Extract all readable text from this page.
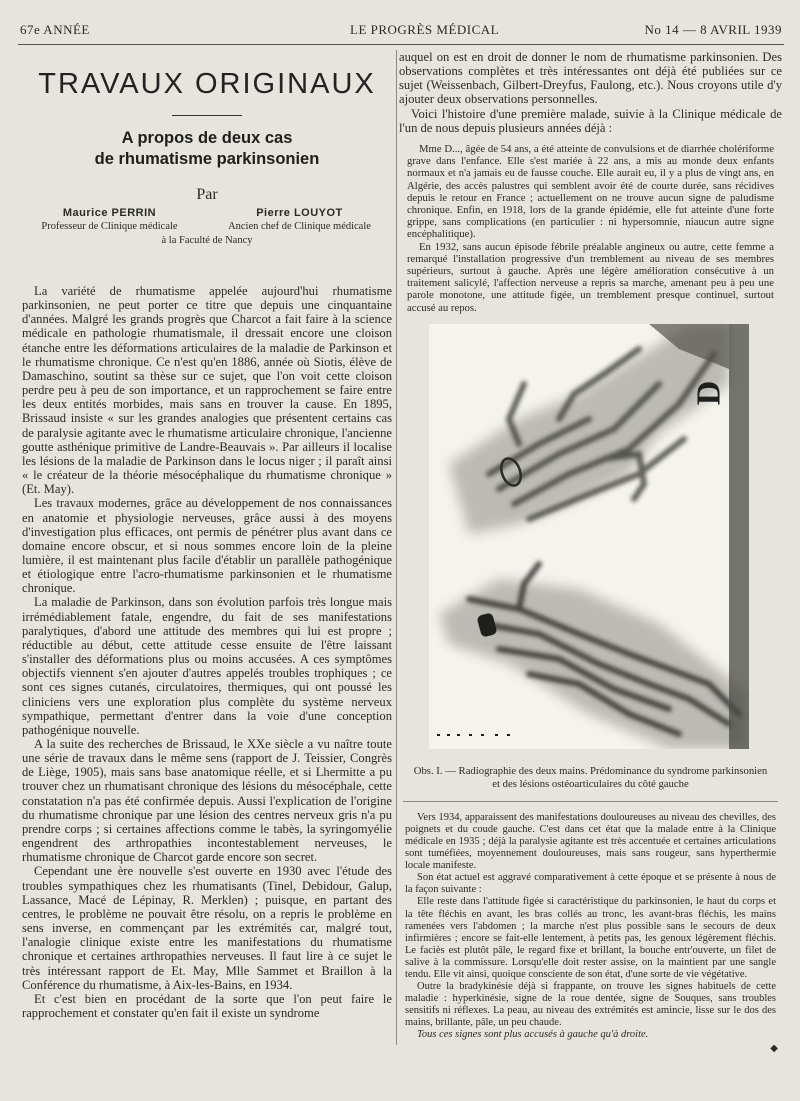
67e ANNÉE	LE PROGRÈS MÉDICAL	No 14 — 8 AVRIL 1939
TRAVAUX ORIGINAUX
A propos de deux cas
de rhumatisme parkinsonien
Par
Maurice PERRIN
Professeur de Clinique médicale
à la Faculté de Nancy
Pierre LOUYOT
Ancien chef de Clinique médicale

La variété de rhumatisme appelée aujourd'hui rhumatisme parkinsonien, ne peut porter ce titre que depuis une cinquantaine d'années. Malgré les grands progrès que Charcot a fait faire à la science médicale en pathologie rhumatismale, il dressait encore une cloison étanche entre les déformations articulaires de la maladie de Parkinson et le rhumatisme chronique. Ce n'est qu'en 1886, année où Siotis, élève de Damaschino, soutint sa thèse sur ce sujet, que l'on voit cette cloison perdre peu à peu de son importance, et un rapprochement se faire entre les deux entités morbides, mais sans en trouver la cause. En 1895, Brissaud insiste « sur les grandes analogies que présentent certains cas de paralysie agitante avec le rhumatisme articulaire chronique, l'ancienne goutte asthénique primitive de Landre-Beauvais ». Par ailleurs il localise les lésions de la maladie de Parkinson dans le locus niger ; il paraît ainsi « le créateur de la théorie mésocéphalique du rhumatisme chronique » (Et. May).

Les travaux modernes, grâce au développement de nos connaissances en anatomie et physiologie nerveuses, grâce aussi à des moyens d'investigation plus efficaces, ont permis de pénétrer plus avant dans ce domaine encore obscur, et si nous sommes encore loin de la pleine lumière, il est maintenant plus facile d'établir un parallèle pathogénique et étiologique entre l'acro-rhumatisme parkinsonien et le rhumatisme chronique.

La maladie de Parkinson, dans son évolution parfois très longue mais irrémédiablement fatale, engendre, du fait de ses manifestations paralytiques, d'abord une attitude des membres qui lui est propre ; réductible au début, cette attitude cesse ensuite de l'être laissant s'installer des déformations plus ou moins accusées. A ces symptômes objectifs viennent s'en ajouter d'autres appelés troubles trophiques ; ce sont ces signes cutanés, circulatoires, thermiques, qui ont poussé les cliniciens vers une exploration plus complète du système nerveux sympathique, permettant d'entrer dans la voie d'une conception pathogénique nouvelle.

A la suite des recherches de Brissaud, le XXe siècle a vu naître toute une série de travaux dans le même sens (rapport de J. Teissier, Congrès de Liège, 1905), mais sans base anatomique réelle, et si Lhermitte a pu trouver chez un rhumatisant chronique des lésions du mésocéphale, cette constatation n'a pas été confirmée depuis. Aussi l'explication de l'origine du rhumatisme chronique par une lésion des centres nerveux gris n'a pu prendre corps ; si certaines affections comme le tabès, la syringomyélie engendrent des arthropathies incontestablement nerveuses, le rhumatisme chronique de Charcot garde encore son secret.

Cependant une ère nouvelle s'est ouverte en 1930 avec l'étude des troubles sympathiques chez les rhumatisants (Tinel, Debidour, Galup, Lassance, Macé de Lépinay, R. Merklen) ; puisque, en partant des centres, le problème ne pouvait être résolu, on a repris le problème en sens inverse, en commençant par les extrémités car, malgré tout, l'analogie clinique existe entre les manifestations du rhumatisme chronique et certaines arthropathies nerveuses. Il faut lire à ce sujet le très intéressant rapport de Et. May, Mlle Sammet et Braillon à la Conférence du rhumatisme, à Aix-les-Bains, en 1934.

Et c'est bien en procédant de la sorte que l'on peut faire le rapprochement et constater qu'en fait il existe un syndrome

auquel on est en droit de donner le nom de rhumatisme parkinsonien. Des observations complètes et très intéressantes ont déjà été publiées sur ce sujet (Weissenbach, Gilbert-Dreyfus, Faulong, etc.). Nous croyons utile d'y ajouter deux observations personnelles.

Voici l'histoire d'une première malade, suivie à la Clinique médicale de l'un de nous depuis plusieurs années déjà :

Mme D..., âgée de 54 ans, a été atteinte de convulsions et de diarrhée cholériforme grave dans l'enfance. Elle s'est mariée à 22 ans, a mis au monde deux enfants normaux et n'a jamais eu de fausse couche. Elle aurait eu, il y a plus de vingt ans, en Algérie, des accès palustres qui semblent avoir été de courte durée, sans récidives depuis le retour en France ; actuellement on ne trouve aucun signe de paludisme chronique. Enfin, en 1918, lors de la grande épidémie, elle fut atteinte d'une forte grippe, sans complications (en particulier : ni hypersomnie, niaucun autre signe encéphalitique).

En 1932, sans aucun épisode fébrile préalable angineux ou autre, cette femme a remarqué l'installation progressive d'un tremblement au niveau de ses membres supérieurs, surtout à gauche. Après une légère amélioration consécutive à un traitement salicylé, l'affection nerveuse a repris sa marche, amenant peu à peu une parole monotone, une attitude figée, un tremblement presque continuel, surtout accusé au repos.

D
Obs. I. — Radiographie des deux mains. Prédominance du syndrome parkinsonien et des lésions ostéoarticulaires du côté gauche

Vers 1934, apparaissent des manifestations douloureuses au niveau des chevilles, des poignets et du coude gauche. C'est dans cet état que la malade entre à la Clinique médicale en 1935 ; déjà la paralysie agitante est très accentuée et certaines articulations sont tuméfiées, moyennement douloureuses, mais sans rougeur, sans hyperthermie locale manifeste.

Son état actuel est aggravé comparativement à cette époque et se présente à nous de la façon suivante :

Elle reste dans l'attitude figée si caractéristique du parkinsonien, le haut du corps et la tête fléchis en avant, les bras collés au tronc, les avant-bras fléchis, les mains ramenées vers l'abdomen ; la marche n'est plus possible sans le secours de deux infirmières ; encore se fait-elle lentement, à petits pas, les genoux légèrement fléchis. Le faciès est plutôt pâle, le regard fixe et brillant, la bouche entr'ouverte, un filet de salive à la commissure. Lorsqu'elle doit rester assise, on la maintient par une sangle tendu. Elle vit ainsi, quoique consciente de son état, d'une sorte de vie végétative.

Outre la bradykinésie déjà si frappante, on trouve les signes habituels de cette maladie : hyperkinésie, signe de la roue dentée, signe de Souques, sans troubles sensitifs ni réflexes. La peau, au niveau des extrémités est amincie, lisse sur le dos des mains, brillante, pâle, un peu chaude.

Tous ces signes sont plus accusés à gauche qu'à droite.

◆
